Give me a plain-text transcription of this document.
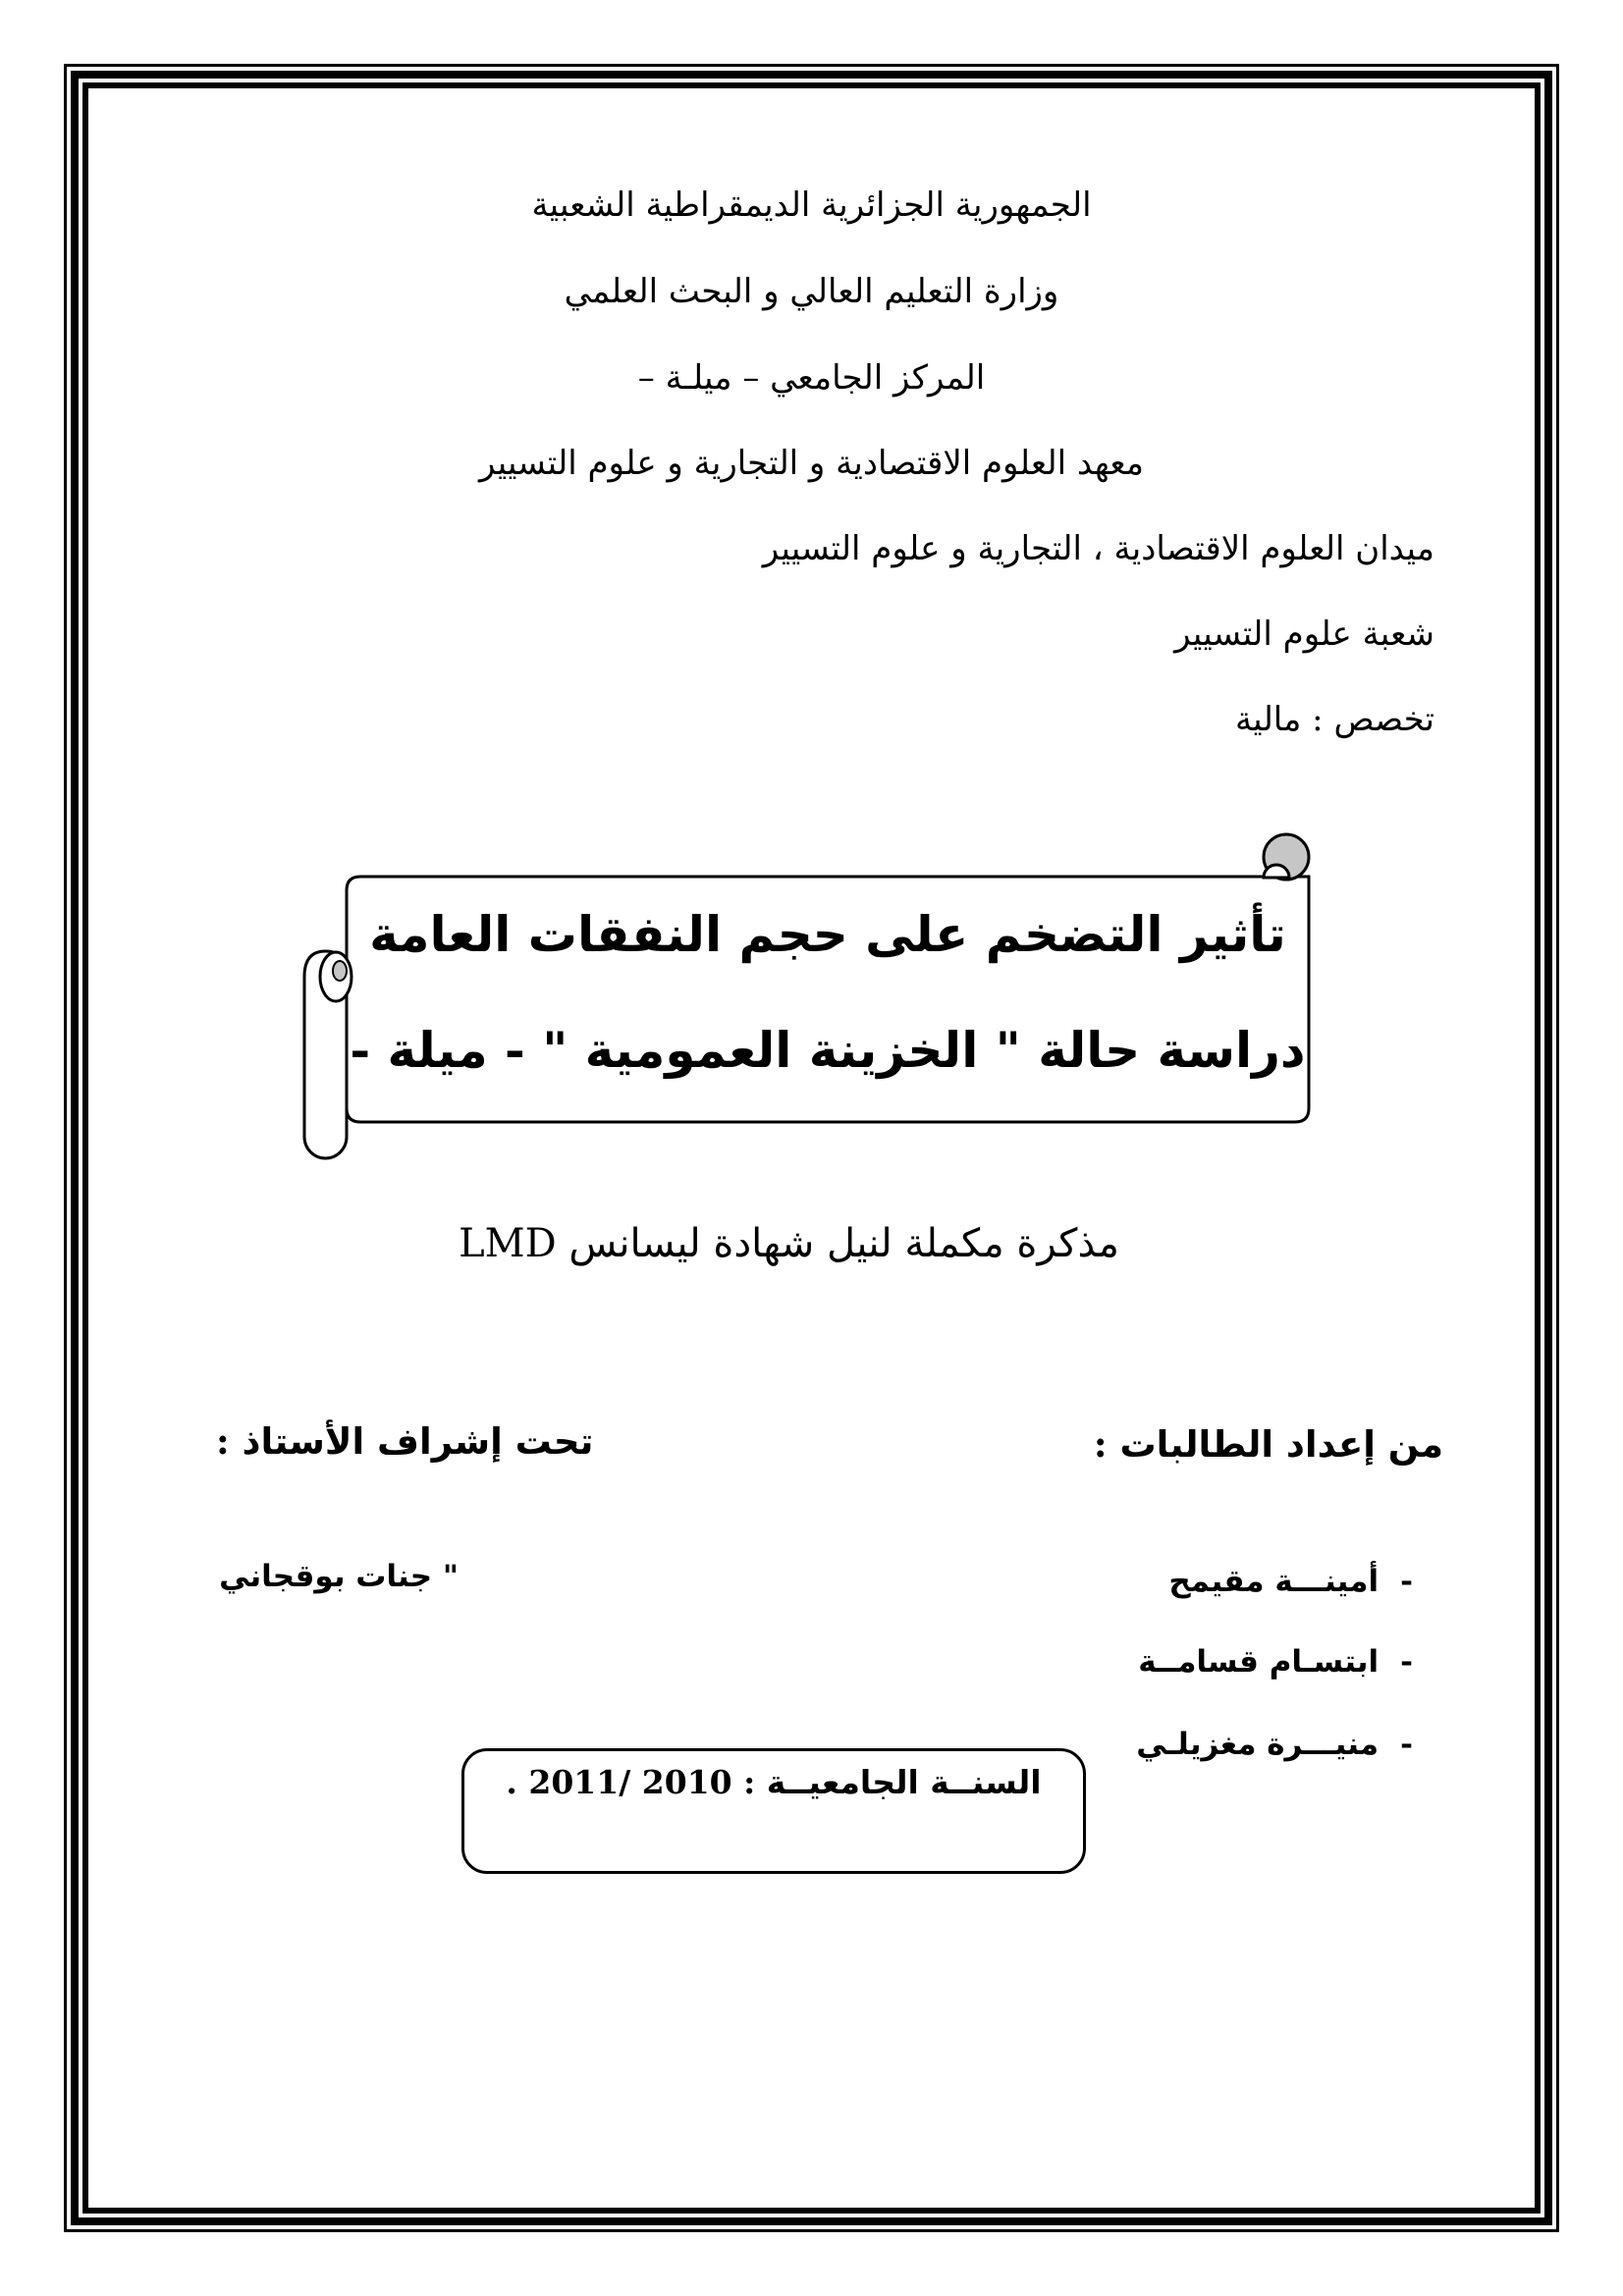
الجمهورية الجزائرية الديمقراطية الشعبية
وزارة التعليم العالي و البحث العلمي
المركز الجامعي – ميلـة –
معهد العلوم الاقتصادية و التجارية و علوم التسيير
ميدان العلوم الاقتصادية ، التجارية و علوم التسيير
شعبة علوم التسيير
تخصص : مالية
تأثير التضخم على حجم النفقات العامة
دراسة حالة " الخزينة العمومية " - ميلة -
مذكرة مكملة لنيل شهادة ليسانس LMD
من إعداد الطالبات :
-أمينـــة مقيمح
-ابتسـام قسامــة
-منيـــرة مغزيلـي
تحت إشراف الأستاذ :
" جنات بوقجاني
السنــة الجامعيــة : 2010 /2011 .
